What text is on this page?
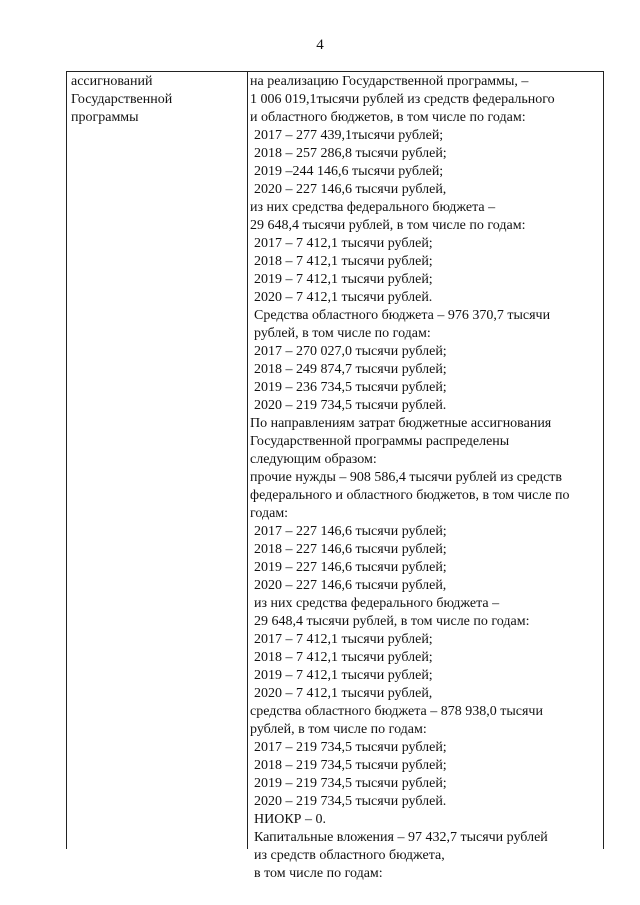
4
ассигнований
Государственной
программы
на реализацию Государственной программы, –
1 006 019,1тысячи рублей из средств федерального
и областного бюджетов, в том числе по годам:
2017 – 277 439,1тысячи рублей;
2018 – 257 286,8 тысячи рублей;
2019 –244 146,6 тысячи рублей;
2020 – 227 146,6 тысячи рублей,
из них средства федерального бюджета –
29 648,4 тысячи рублей, в том числе по годам:
2017 – 7 412,1 тысячи рублей;
2018 – 7 412,1 тысячи рублей;
2019 – 7 412,1 тысячи рублей;
2020 – 7 412,1 тысячи рублей.
Средства областного бюджета – 976 370,7 тысячи
рублей, в том числе по годам:
2017 – 270 027,0 тысячи рублей;
2018 – 249 874,7 тысячи рублей;
2019 – 236 734,5 тысячи рублей;
2020 – 219 734,5 тысячи рублей.
По направлениям затрат бюджетные ассигнования
Государственной программы распределены
следующим образом:
прочие нужды – 908 586,4 тысячи рублей из средств
федерального и областного бюджетов, в том числе по
годам:
2017 – 227 146,6 тысячи рублей;
2018 – 227 146,6 тысячи рублей;
2019 – 227 146,6 тысячи рублей;
2020 – 227 146,6 тысячи рублей,
из них средства федерального бюджета –
29 648,4 тысячи рублей, в том числе по годам:
2017 – 7 412,1 тысячи рублей;
2018 – 7 412,1 тысячи рублей;
2019 – 7 412,1 тысячи рублей;
2020 – 7 412,1 тысячи рублей,
средства областного бюджета – 878 938,0 тысячи
рублей, в том числе по годам:
2017 – 219 734,5 тысячи рублей;
2018 – 219 734,5 тысячи рублей;
2019 – 219 734,5 тысячи рублей;
2020 – 219 734,5 тысячи рублей.
НИОКР – 0.
Капитальные вложения – 97 432,7 тысячи рублей
из средств областного бюджета,
в том числе по годам:
